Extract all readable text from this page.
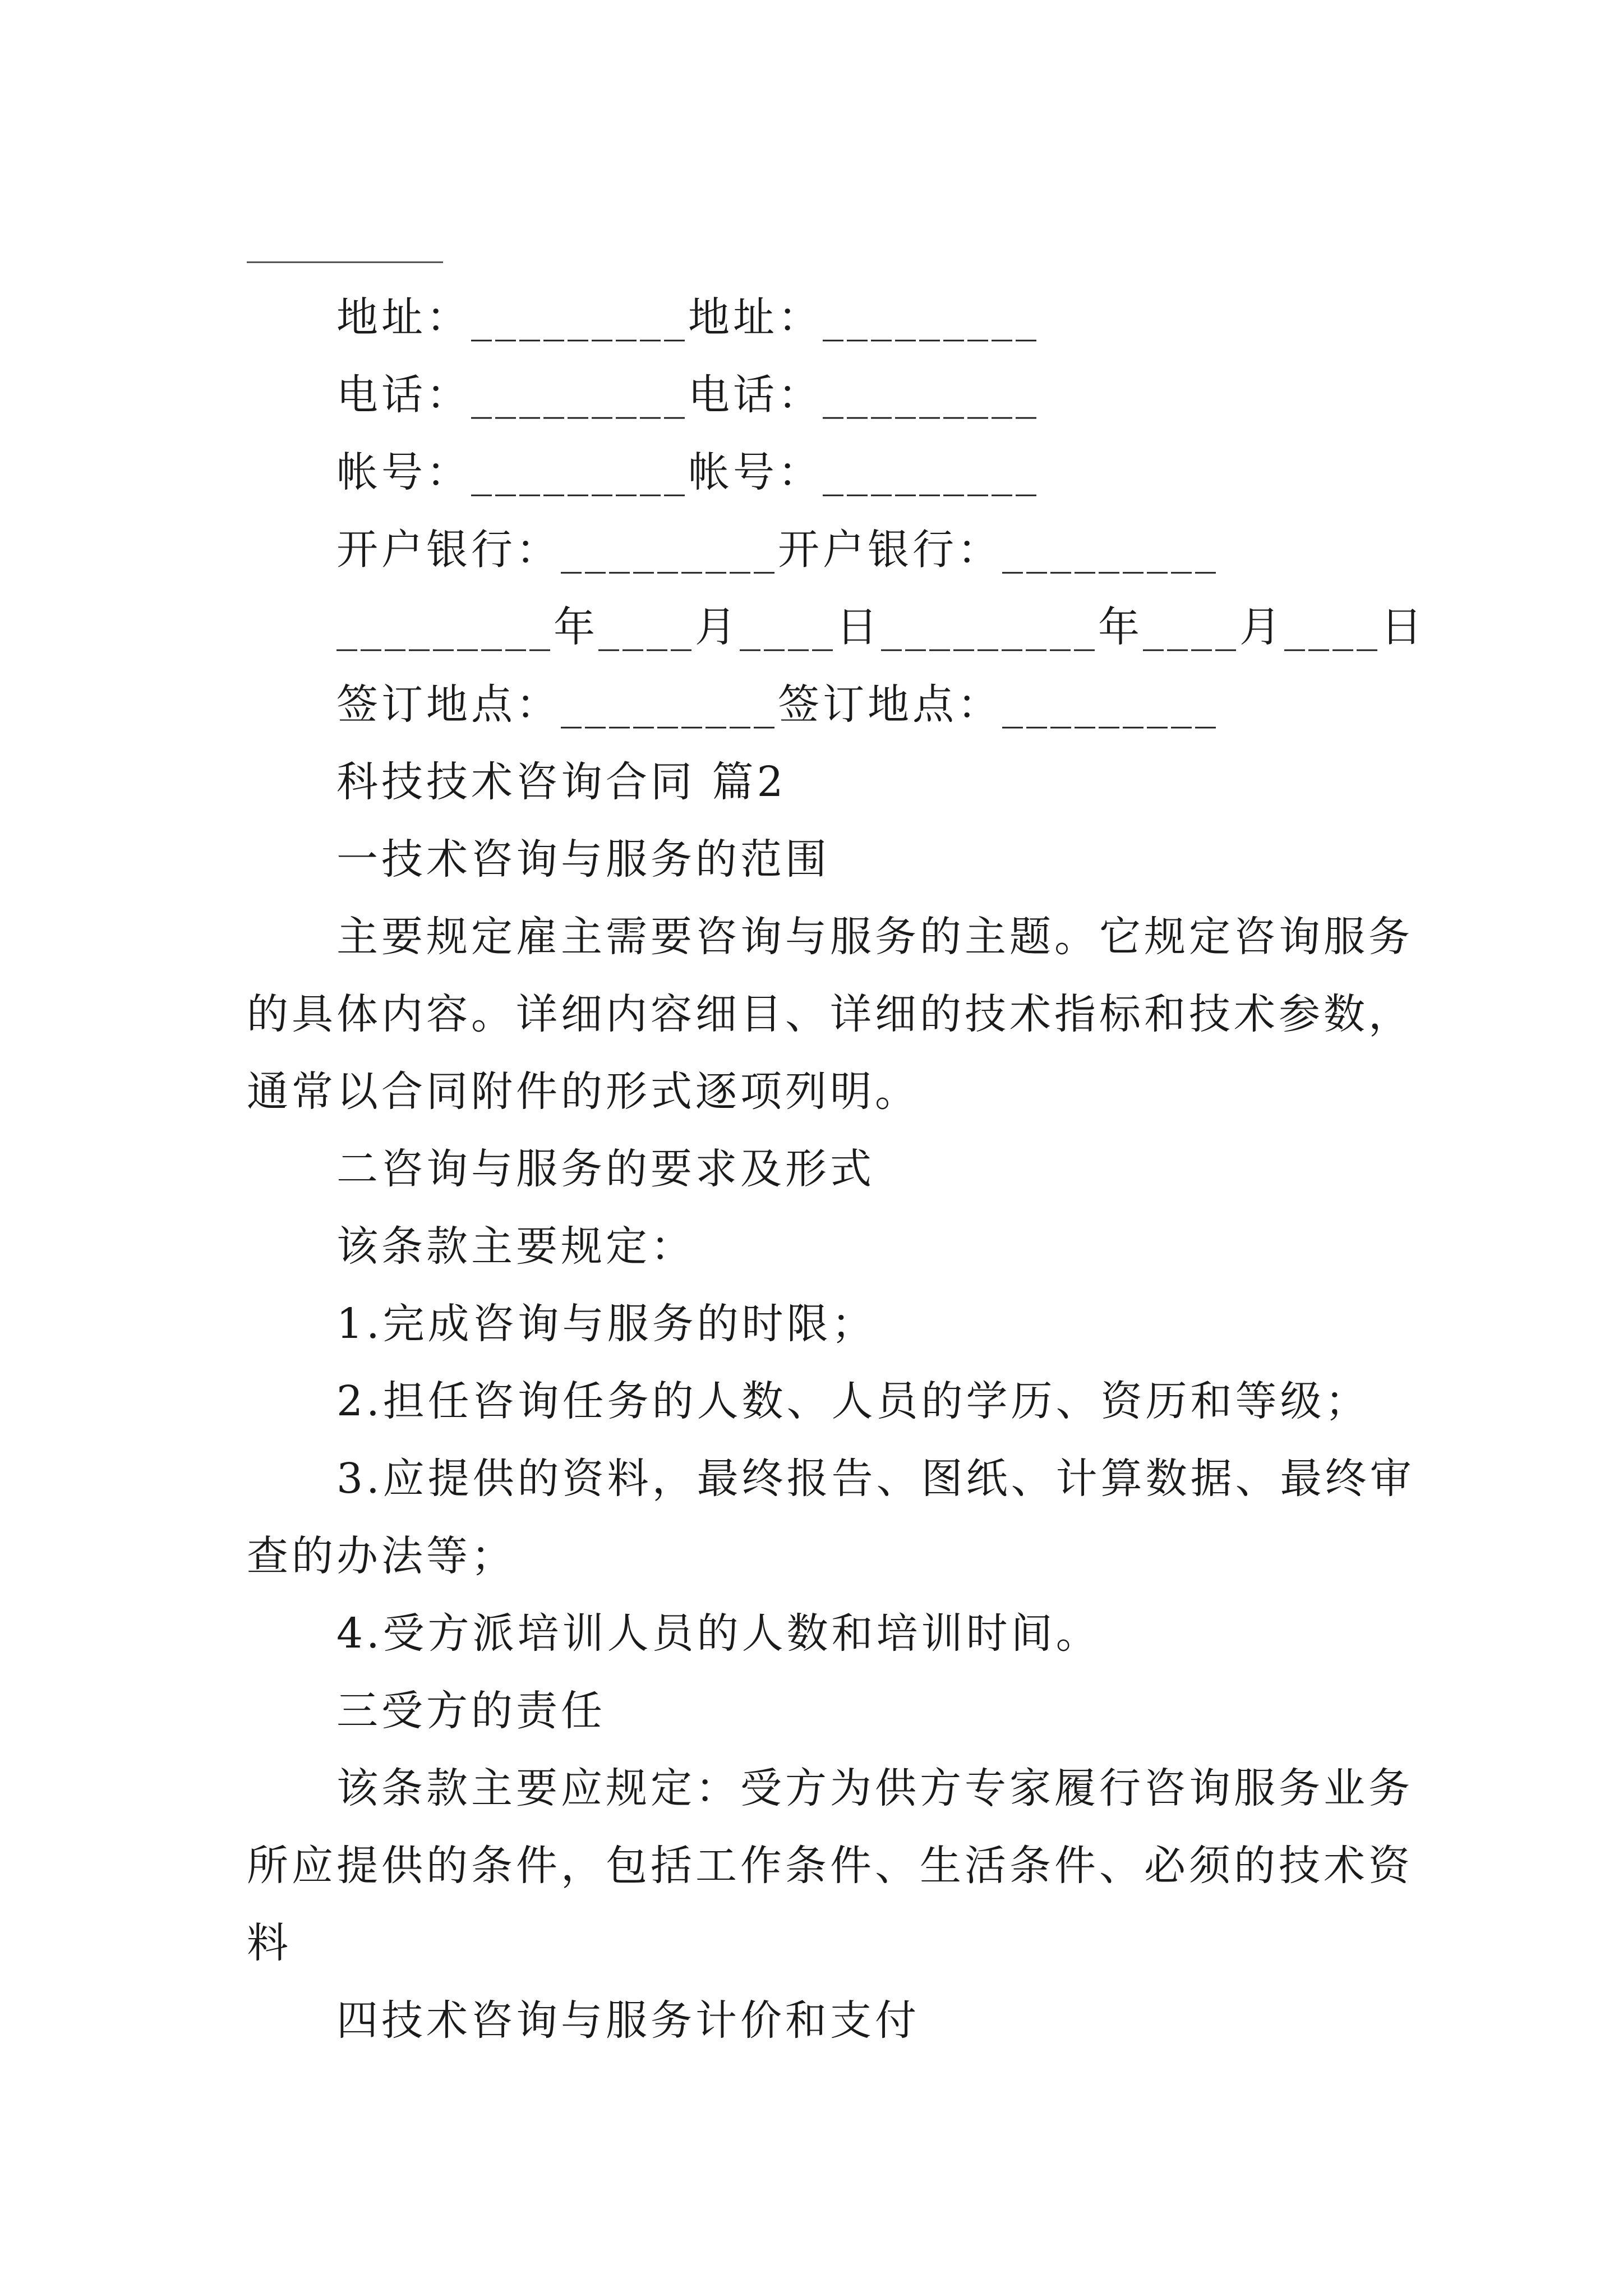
地址：_________地址：_________

电话：_________电话：_________

帐号：_________帐号：_________

开户银行：_________开户银行：_________

_________年____月____日_________年____月____日

签订地点：_________签订地点：_________

科技技术咨询合同 篇2

一技术咨询与服务的范围

主要规定雇主需要咨询与服务的主题。它规定咨询服务

的具体内容。详细内容细目、详细的技术指标和技术参数，

通常以合同附件的形式逐项列明。

二咨询与服务的要求及形式

该条款主要规定：

1.完成咨询与服务的时限；

2.担任咨询任务的人数、人员的学历、资历和等级；

3.应提供的资料，最终报告、图纸、计算数据、最终审

查的办法等；

4.受方派培训人员的人数和培训时间。

三受方的责任

该条款主要应规定：受方为供方专家履行咨询服务业务

所应提供的条件，包括工作条件、生活条件、必须的技术资

料

四技术咨询与服务计价和支付
